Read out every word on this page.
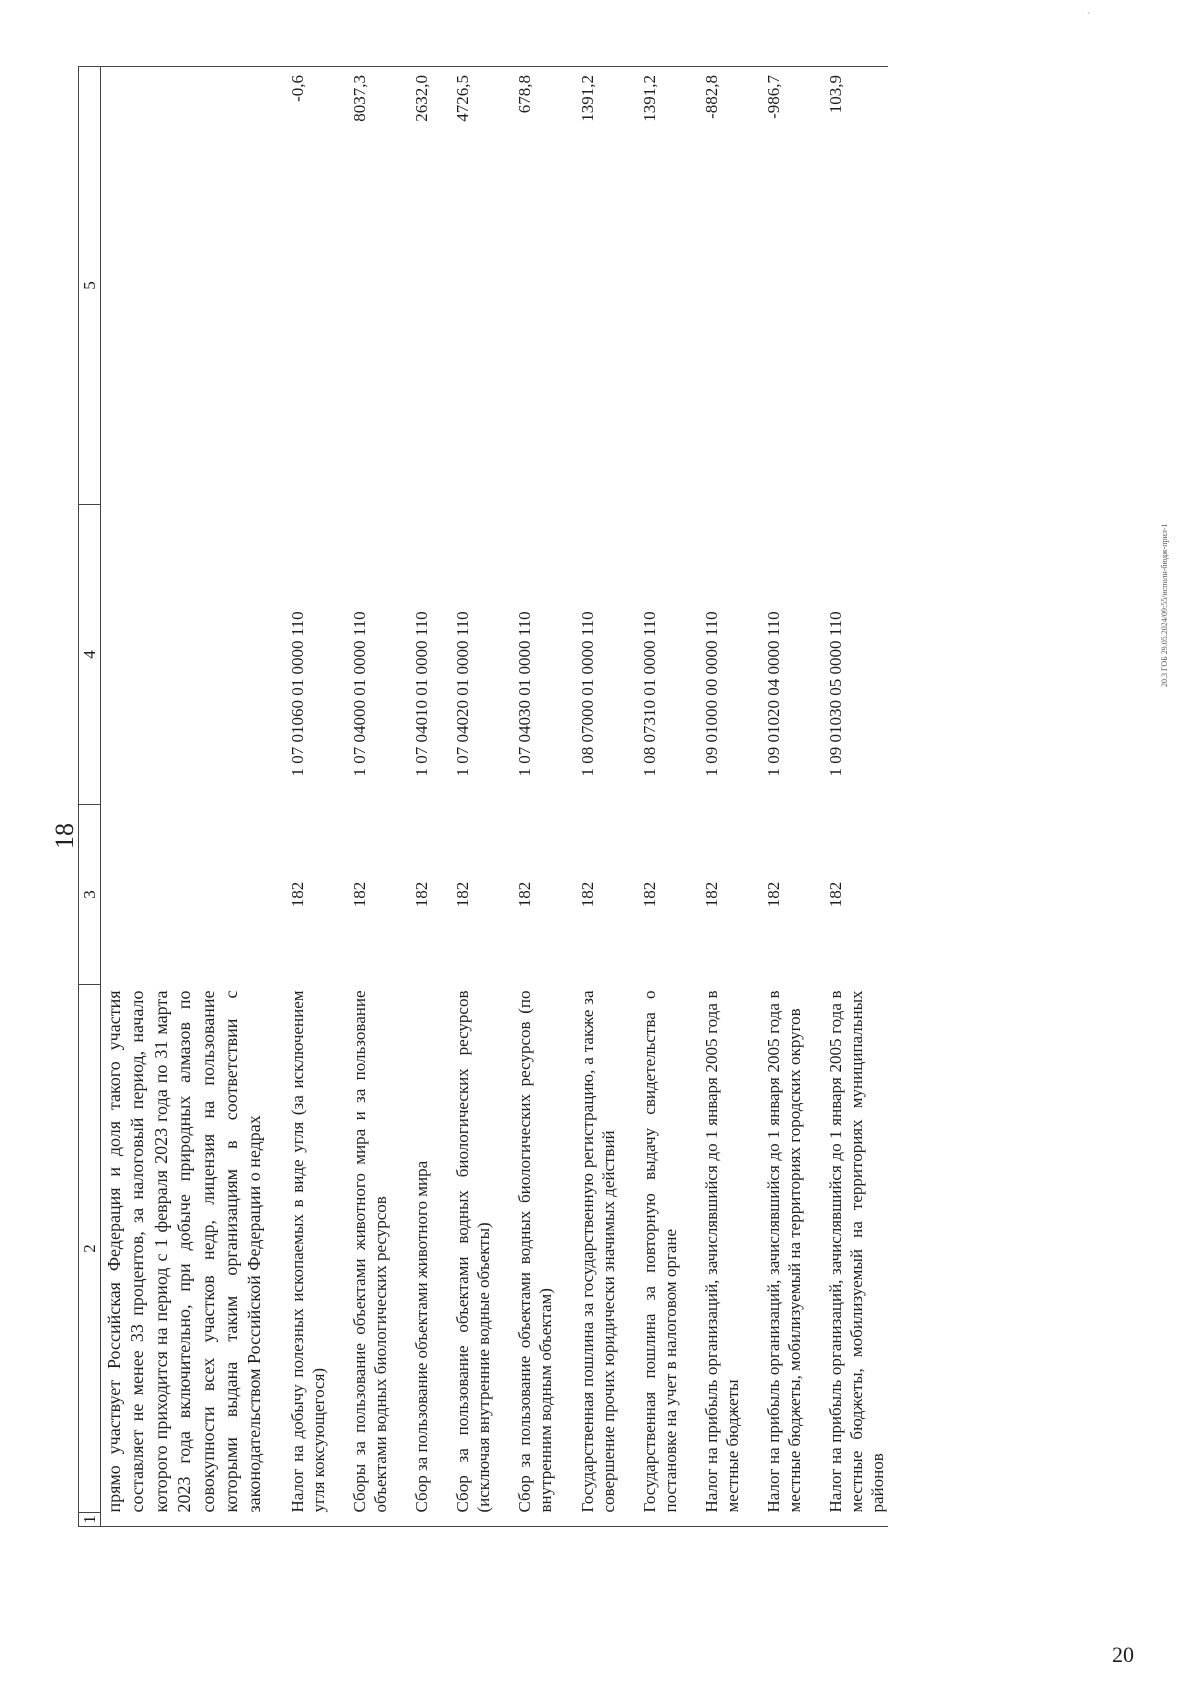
`
20
18
1	2	3	4	5
	прямо участвует Российская Федерация и доля такого участия составляет не менее 33 процентов, за налоговый период, начало которого приходится на период с 1 февраля 2023 года по 31 марта 2023 года включительно, при добыче природных алмазов по совокупности всех участков недр, лицензия на пользование которыми выдана таким организациям в соответствии с законодательством Российской Федерации о недрах			
	Налог на добычу полезных ископаемых в виде угля (за исключением угля коксующегося)	182	1 07 01060 01 0000 110	-0,6
	Сборы за пользование объектами животного мира и за пользование объектами водных биологических ресурсов	182	1 07 04000 01 0000 110	8037,3
	Сбор за пользование объектами животного мира	182	1 07 04010 01 0000 110	2632,0
	Сбор за пользование объектами водных биологических ресурсов (исключая внутренние водные объекты)	182	1 07 04020 01 0000 110	4726,5
	Сбор за пользование объектами водных биологических ресурсов (по внутренним водным объектам)	182	1 07 04030 01 0000 110	678,8
	Государственная пошлина за государственную регистрацию, а также за совершение прочих юридически значимых действий	182	1 08 07000 01 0000 110	1391,2
	Государственная пошлина за повторную выдачу свидетельства о постановке на учет в налоговом органе	182	1 08 07310 01 0000 110	1391,2
	Налог на прибыль организаций, зачислявшийся до 1 января 2005 года в местные бюджеты	182	1 09 01000 00 0000 110	-882,8
	Налог на прибыль организаций, зачислявшийся до 1 января 2005 года в местные бюджеты, мобилизуемый на территориях городских округов	182	1 09 01020 04 0000 110	-986,7
	Налог на прибыль организаций, зачислявшийся до 1 января 2005 года в местные бюджеты, мобилизуемый на территориях муниципальных районов	182	1 09 01030 05 0000 110	103,9
20.3 ГОБ 29.05.2024/09:55/исполн-бюдж-прил-1
